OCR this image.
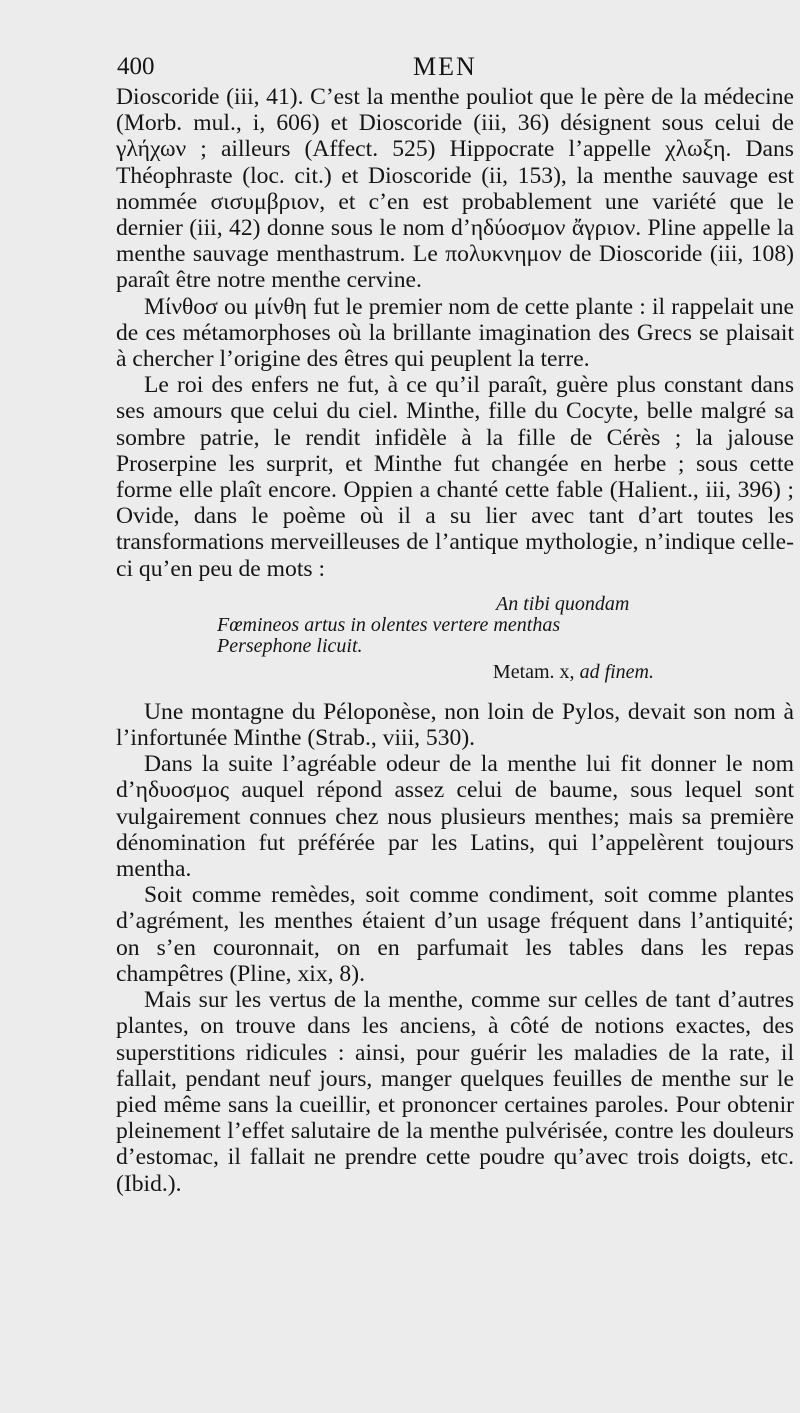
400	MEN

Dioscoride (iii, 41). C’est la menthe pouliot que le père de la médecine (Morb. mul., i, 606) et Dioscoride (iii, 36) désignent sous celui de γλήχων ; ailleurs (Affect. 525) Hippocrate l’appelle χλωξη. Dans Théophraste (loc. cit.) et Dioscoride (ii, 153), la menthe sauvage est nommée σισυμβριον, et c’en est probablement une variété que le dernier (iii, 42) donne sous le nom d’ηδύοσμον ἄγριον. Pline appelle la menthe sauvage menthastrum. Le πολυκνημον de Dioscoride (iii, 108) paraît être notre menthe cervine.

Μίνθοσ ou μίνθη fut le premier nom de cette plante : il rappelait une de ces métamorphoses où la brillante imagination des Grecs se plaisait à chercher l’origine des êtres qui peuplent la terre.

Le roi des enfers ne fut, à ce qu’il paraît, guère plus constant dans ses amours que celui du ciel. Minthe, fille du Cocyte, belle malgré sa sombre patrie, le rendit infidèle à la fille de Cérès ; la jalouse Proserpine les surprit, et Minthe fut changée en herbe ; sous cette forme elle plaît encore. Oppien a chanté cette fable (Halient., iii, 396) ; Ovide, dans le poème où il a su lier avec tant d’art toutes les transformations merveilleuses de l’antique mythologie, n’indique celle-ci qu’en peu de mots :

An tibi quondam
Fœmineos artus in olentes vertere menthas
Persephone licuit.
Metam. x, ad finem.

Une montagne du Péloponèse, non loin de Pylos, devait son nom à l’infortunée Minthe (Strab., viii, 530).

Dans la suite l’agréable odeur de la menthe lui fit donner le nom d’ηδυοσμος auquel répond assez celui de baume, sous lequel sont vulgairement connues chez nous plusieurs menthes; mais sa première dénomination fut préférée par les Latins, qui l’appelèrent toujours mentha.

Soit comme remèdes, soit comme condiment, soit comme plantes d’agrément, les menthes étaient d’un usage fréquent dans l’antiquité; on s’en couronnait, on en parfumait les tables dans les repas champêtres (Pline, xix, 8).

Mais sur les vertus de la menthe, comme sur celles de tant d’autres plantes, on trouve dans les anciens, à côté de notions exactes, des superstitions ridicules : ainsi, pour guérir les maladies de la rate, il fallait, pendant neuf jours, manger quelques feuilles de menthe sur le pied même sans la cueillir, et prononcer certaines paroles. Pour obtenir pleinement l’effet salutaire de la menthe pulvérisée, contre les douleurs d’estomac, il fallait ne prendre cette poudre qu’avec trois doigts, etc. (Ibid.).
